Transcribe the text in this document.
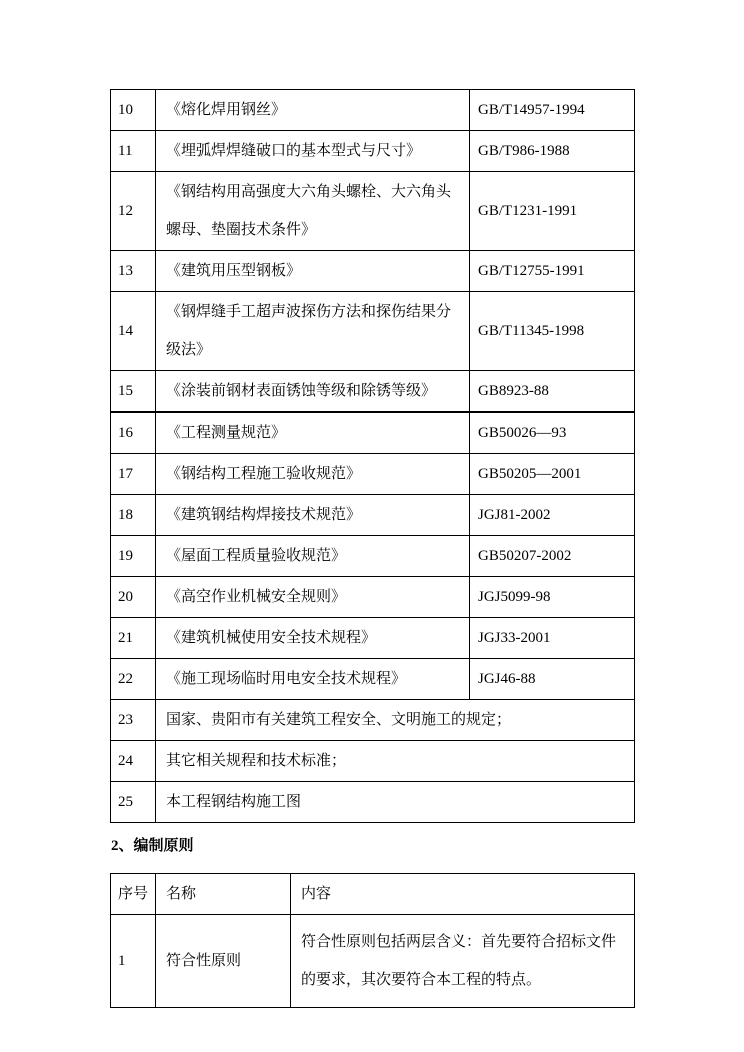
10	《熔化焊用钢丝》	GB/T14957-1994
11	《埋弧焊焊缝破口的基本型式与尺寸》	GB/T986-1988
12	《钢结构用高强度大六角头螺栓、大六角头螺母、垫圈技术条件》	GB/T1231-1991
13	《建筑用压型钢板》	GB/T12755-1991
14	《钢焊缝手工超声波探伤方法和探伤结果分级法》	GB/T11345-1998
15	《涂装前钢材表面锈蚀等级和除锈等级》	GB8923-88
16	《工程测量规范》	GB50026—93
17	《钢结构工程施工验收规范》	GB50205—2001
18	《建筑钢结构焊接技术规范》	JGJ81-2002
19	《屋面工程质量验收规范》	GB50207-2002
20	《高空作业机械安全规则》	JGJ5099-98
21	《建筑机械使用安全技术规程》	JGJ33-2001
22	《施工现场临时用电安全技术规程》	JGJ46-88
23	国家、贵阳市有关建筑工程安全、文明施工的规定；	
24	其它相关规程和技术标准；	
25	本工程钢结构施工图	
2、编制原则
序号	名称	内容
1	符合性原则	符合性原则包括两层含义：首先要符合招标文件的要求，其次要符合本工程的特点。
